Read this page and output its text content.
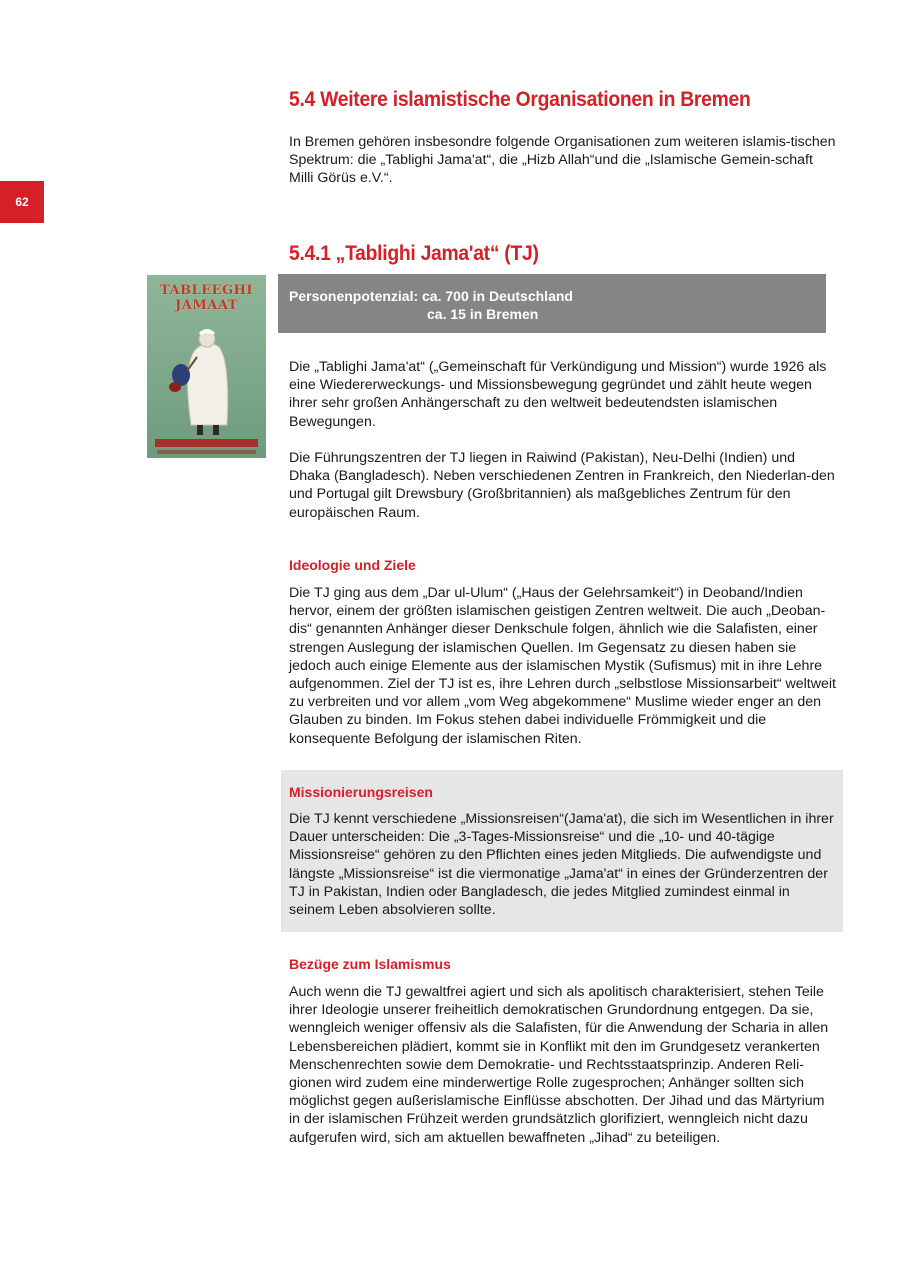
62
5.4 Weitere islamistische Organisationen in Bremen

In Bremen gehören insbesondre folgende Organisationen zum weiteren islamis-tischen Spektrum: die „Tablighi Jama'at“, die „Hizb Allah“und die „Islamische Gemein-schaft Milli Görüs e.V.“.

5.4.1 „Tablighi Jama'at“ (TJ)
TABLEEGHI
JAMAAT
Personenpotenzial: ca. 700 in Deutschland
ca. 15 in Bremen

Die „Tablighi Jama'at“ („Gemeinschaft für Verkündigung und Mission“) wurde 1926 als eine Wiedererweckungs- und Missionsbewegung gegründet und zählt heute wegen ihrer sehr großen Anhängerschaft zu den weltweit bedeutendsten islamischen Bewegungen.

Die Führungszentren der TJ liegen in Raiwind (Pakistan), Neu-Delhi (Indien) und Dhaka (Bangladesch). Neben verschiedenen Zentren in Frankreich, den Niederlan-den und Portugal gilt Drewsbury (Großbritannien) als maßgebliches Zentrum für den europäischen Raum.

Ideologie und Ziele

Die TJ ging aus dem „Dar ul-Ulum“ („Haus der Gelehrsamkeit“) in Deoband/Indien hervor, einem der größten islamischen geistigen Zentren weltweit. Die auch „Deoban-dis“ genannten Anhänger dieser Denkschule folgen, ähnlich wie die Salafisten, einer strengen Auslegung der islamischen Quellen. Im Gegensatz zu diesen haben sie jedoch auch einige Elemente aus der islamischen Mystik (Sufismus) mit in ihre Lehre aufgenommen. Ziel der TJ ist es, ihre Lehren durch „selbstlose Missionsarbeit“ weltweit zu verbreiten und vor allem „vom Weg abgekommene“ Muslime wieder enger an den Glauben zu binden. Im Fokus stehen dabei individuelle Frömmigkeit und die konsequente Befolgung der islamischen Riten.

Missionierungsreisen

Die TJ kennt verschiedene „Missionsreisen“(Jama'at), die sich im Wesentlichen in ihrer Dauer unterscheiden: Die „3-Tages-Missionsreise“ und die „10- und 40-tägige Missionsreise“ gehören zu den Pflichten eines jeden Mitglieds. Die aufwendigste und längste „Missionsreise“ ist die viermonatige „Jama'at“ in eines der Gründerzentren der TJ in Pakistan, Indien oder Bangladesch, die jedes Mitglied zumindest einmal in seinem Leben absolvieren sollte.

Bezüge zum Islamismus

Auch wenn die TJ gewaltfrei agiert und sich als apolitisch charakterisiert, stehen Teile ihrer Ideologie unserer freiheitlich demokratischen Grundordnung entgegen. Da sie, wenngleich weniger offensiv als die Salafisten, für die Anwendung der Scharia in allen Lebensbereichen plädiert, kommt sie in Konflikt mit den im Grundgesetz verankerten Menschenrechten sowie dem Demokratie- und Rechtsstaatsprinzip. Anderen Reli-gionen wird zudem eine minderwertige Rolle zugesprochen; Anhänger sollten sich möglichst gegen außerislamische Einflüsse abschotten. Der Jihad und das Märtyrium in der islamischen Frühzeit werden grundsätzlich glorifiziert, wenngleich nicht dazu aufgerufen wird, sich am aktuellen bewaffneten „Jihad“ zu beteiligen.
